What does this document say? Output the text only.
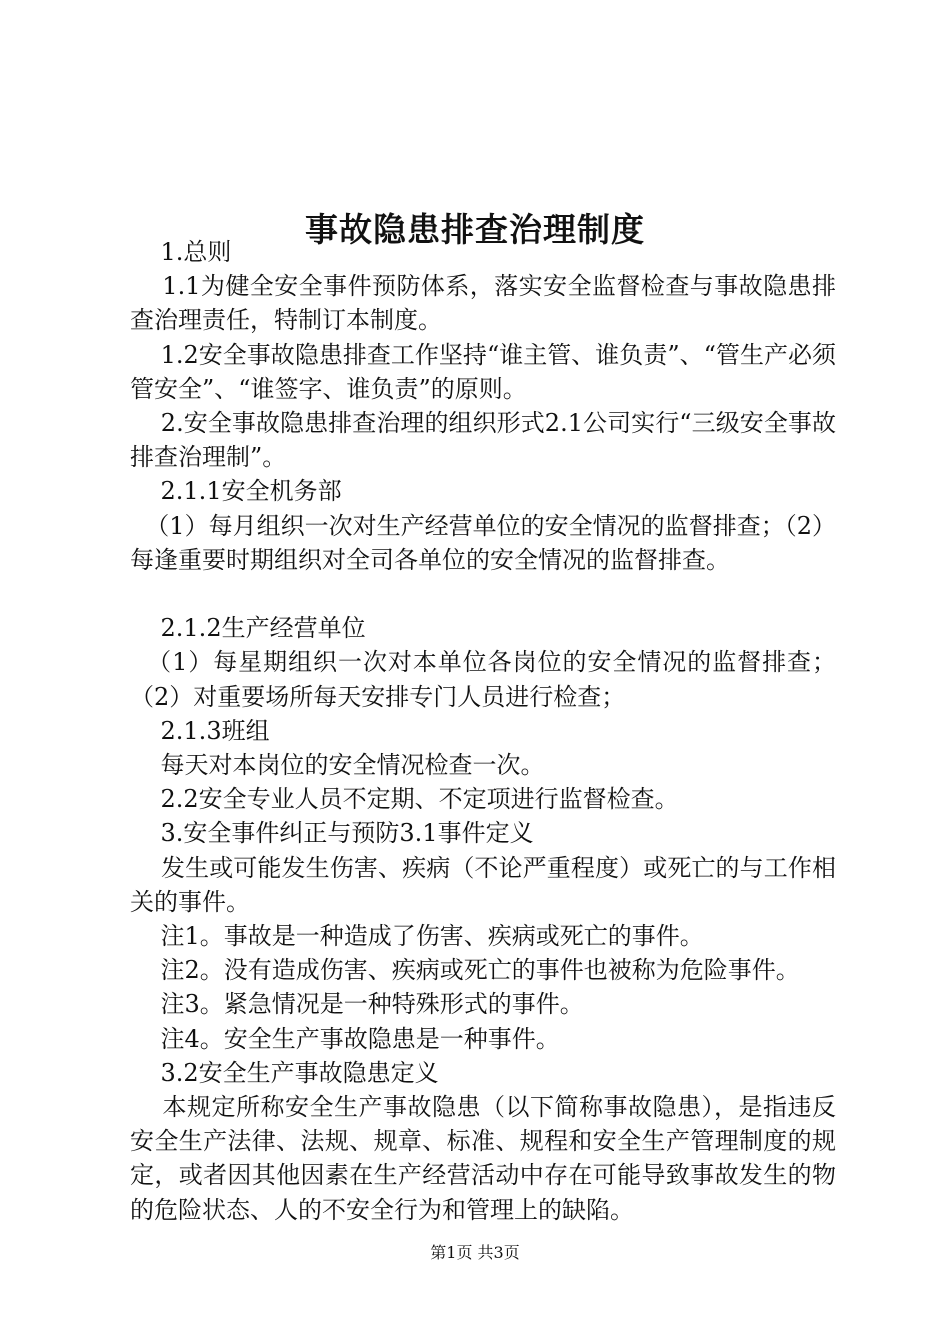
事故隐患排查治理制度

1.总则

1.1为健全安全事件预防体系，落实安全监督检查与事故隐患排查治理责任，特制订本制度。

1.2安全事故隐患排查工作坚持“谁主管、谁负责”、“管生产必须管安全”、“谁签字、谁负责”的原则。

2.安全事故隐患排查治理的组织形式2.1公司实行“三级安全事故排查治理制”。

2.1.1安全机务部

（1）每月组织一次对生产经营单位的安全情况的监督排查；（2）每逢重要时期组织对全司各单位的安全情况的监督排查。

2.1.2生产经营单位

（1）每星期组织一次对本单位各岗位的安全情况的监督排查；（2）对重要场所每天安排专门人员进行检查；

2.1.3班组

每天对本岗位的安全情况检查一次。

2.2安全专业人员不定期、不定项进行监督检查。

3.安全事件纠正与预防3.1事件定义

发生或可能发生伤害、疾病（不论严重程度）或死亡的与工作相关的事件。

注1。事故是一种造成了伤害、疾病或死亡的事件。

注2。没有造成伤害、疾病或死亡的事件也被称为危险事件。

注3。紧急情况是一种特殊形式的事件。

注4。安全生产事故隐患是一种事件。

3.2安全生产事故隐患定义

本规定所称安全生产事故隐患（以下简称事故隐患），是指违反安全生产法律、法规、规章、标准、规程和安全生产管理制度的规定，或者因其他因素在生产经营活动中存在可能导致事故发生的物的危险状态、人的不安全行为和管理上的缺陷。

第1页 共3页
